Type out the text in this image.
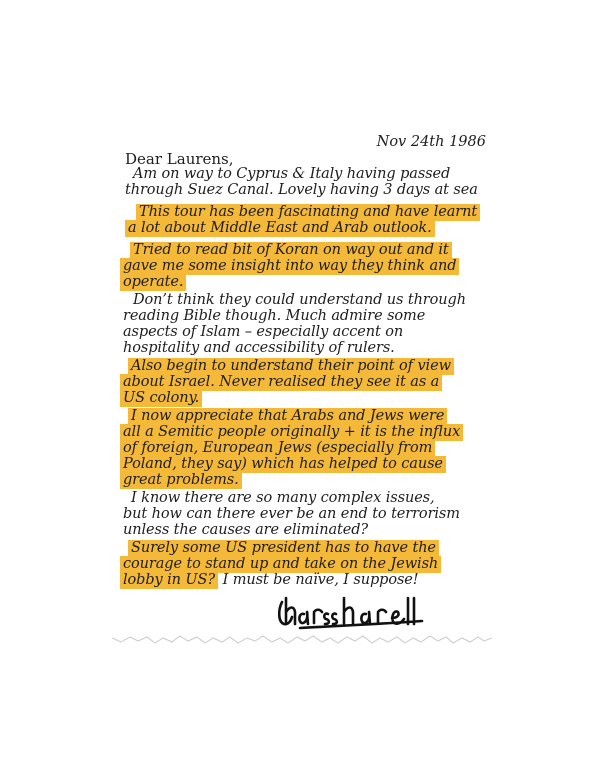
Nov 24th 1986
Dear Laurens,
Am on way to Cyprus & Italy having passed
through Suez Canal. Lovely having 3 days at sea
This tour has been fascinating and have learnt
a lot about Middle East and Arab outlook.
Tried to read bit of Koran on way out and it
gave me some insight into way they think and
operate.
Don’t think they could understand us through
reading Bible though. Much admire some
aspects of Islam – especially accent on
hospitality and accessibility of rulers.
Also begin to understand their point of view
about Israel. Never realised they see it as a
US colony.
I now appreciate that Arabs and Jews were
all a Semitic people originally + it is the influx
of foreign, European Jews (especially from
Poland, they say) which has helped to cause
great problems.
I know there are so many complex issues,
but how can there ever be an end to terrorism
unless the causes are eliminated?
Surely some US president has to have the
courage to stand up and take on the Jewish
lobby in US? I must be naïve, I suppose!
